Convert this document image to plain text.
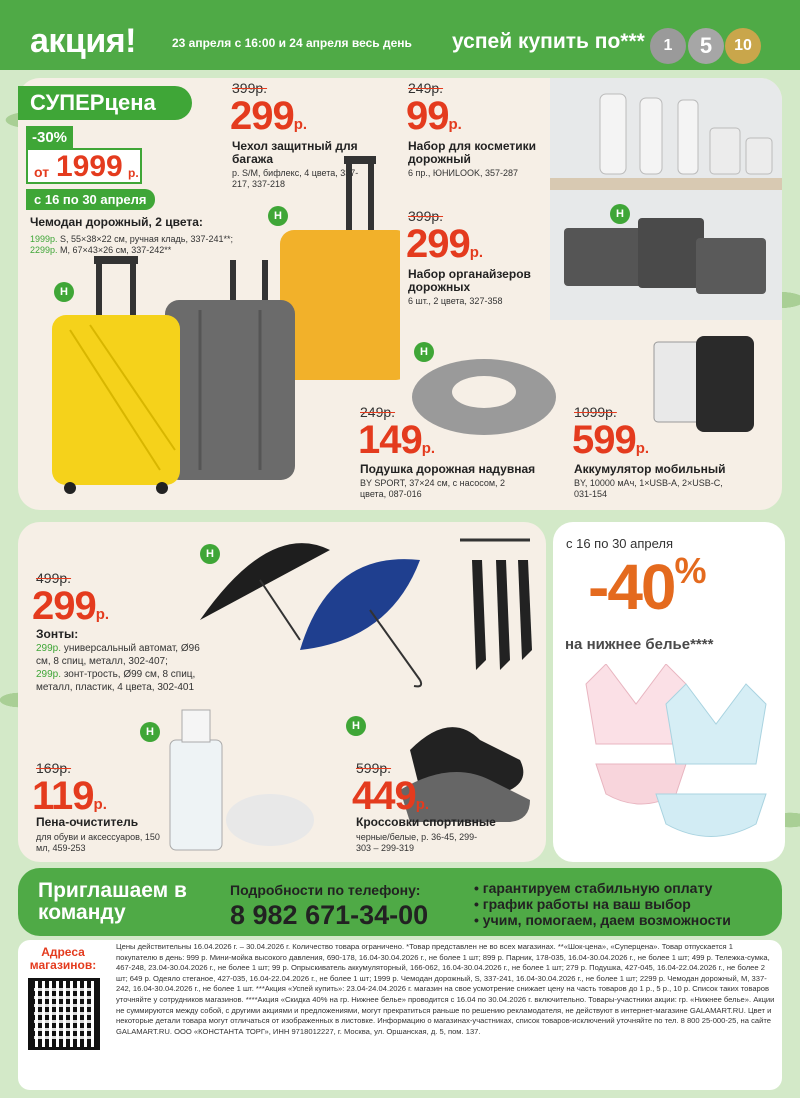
акция!	23 апреля с 16:00 и 24 апреля весь день успей купить по***	1	5	10
СУПЕРцена
-30%
от 1999 р.
с 16 по 30 апреля
Чемодан дорожный, 2 цвета:
1999р. S, 55×38×22 см, ручная кладь, 337-241**;
2299р. M, 67×43×26 см, 337-242**
Н
Н
Н
Н
399р.
299р.
Чехол защитный для багажа
р. S/M, бифлекс, 4 цвета, 337-217, 337-218
249р.
99р.
Набор для косметики дорожный
6 пр., ЮНИLOOK, 357-287
399р.
299р.
Набор органайзеров дорожных
6 шт., 2 цвета, 327-358
249р.
149р.
Подушка дорожная надувная
BY SPORT, 37×24 см, с насосом, 2 цвета, 087-016
1099р.
599р.
Аккумулятор мобильный
BY, 10000 мАч, 1×USB-A, 2×USB-C, 031-154
Н
499р.
299р.
Зонты:
299р. универсальный автомат, Ø96 см, 8 спиц, металл, 302-407;
299р. зонт-трость, Ø99 см, 8 спиц, металл, пластик, 4 цвета, 302-401
Н
169р.
119р.
Пена-очиститель
для обуви и аксессуаров, 150 мл, 459-253
Н
599р.
449р.
Кроссовки спортивные
черные/белые, р. 36-45, 299-303 – 299-319
с 16 по 30 апреля
-40%
на нижнее белье****
Приглашаем в команду
Подробности по телефону:
8 982 671-34-00
• гарантируем стабильную оплату
• график работы на ваш выбор
• учим, помогаем, даем возможности
Адреса магазинов:
Цены действительны 16.04.2026 г. – 30.04.2026 г. Количество товара ограничено. *Товар представлен не во всех магазинах. **«Шок-цена», «Суперцена». Товар отпускается 1 покупателю в день: 999 р. Мини-мойка высокого давления, 690-178, 16.04-30.04.2026 г., не более 1 шт; 899 р. Парник, 178-035, 16.04-30.04.2026 г., не более 1 шт; 499 р. Тележка-сумка, 467-248, 23.04-30.04.2026 г., не более 1 шт; 99 р. Опрыскиватель аккумуляторный, 166-062, 16.04-30.04.2026 г., не более 1 шт; 279 р. Подушка, 427-045, 16.04-22.04.2026 г., не более 2 шт; 649 р. Одеяло стеганое, 427-035, 16.04-22.04.2026 г., не более 1 шт; 1999 р. Чемодан дорожный, S, 337-241, 16.04-30.04.2026 г., не более 1 шт; 2299 р. Чемодан дорожный, M, 337-242, 16.04-30.04.2026 г., не более 1 шт. ***Акция «Успей купить»: 23.04-24.04.2026 г. магазин на свое усмотрение снижает цену на часть товаров до 1 р., 5 р., 10 р. Список таких товаров уточняйте у сотрудников магазинов. ****Акция «Скидка 40% на гр. Нижнее белье» проводится с 16.04 по 30.04.2026 г. включительно. Товары-участники акции: гр. «Нижнее белье». Акции не суммируются между собой, с другими акциями и предложениями, могут прекратиться раньше по решению рекламодателя, не действуют в интернет-магазине GALAMART.RU. Цвет и некоторые детали товара могут отличаться от изображенных в листовке. Информацию о магазинах-участниках, список товаров-исключений уточняйте по тел. 8 800 25-000-25, на сайте GALAMART.RU. ООО «КОНСТАНТА ТОРГ», ИНН 9718012227, г. Москва, ул. Оршанская, д. 5, пом. 137.
